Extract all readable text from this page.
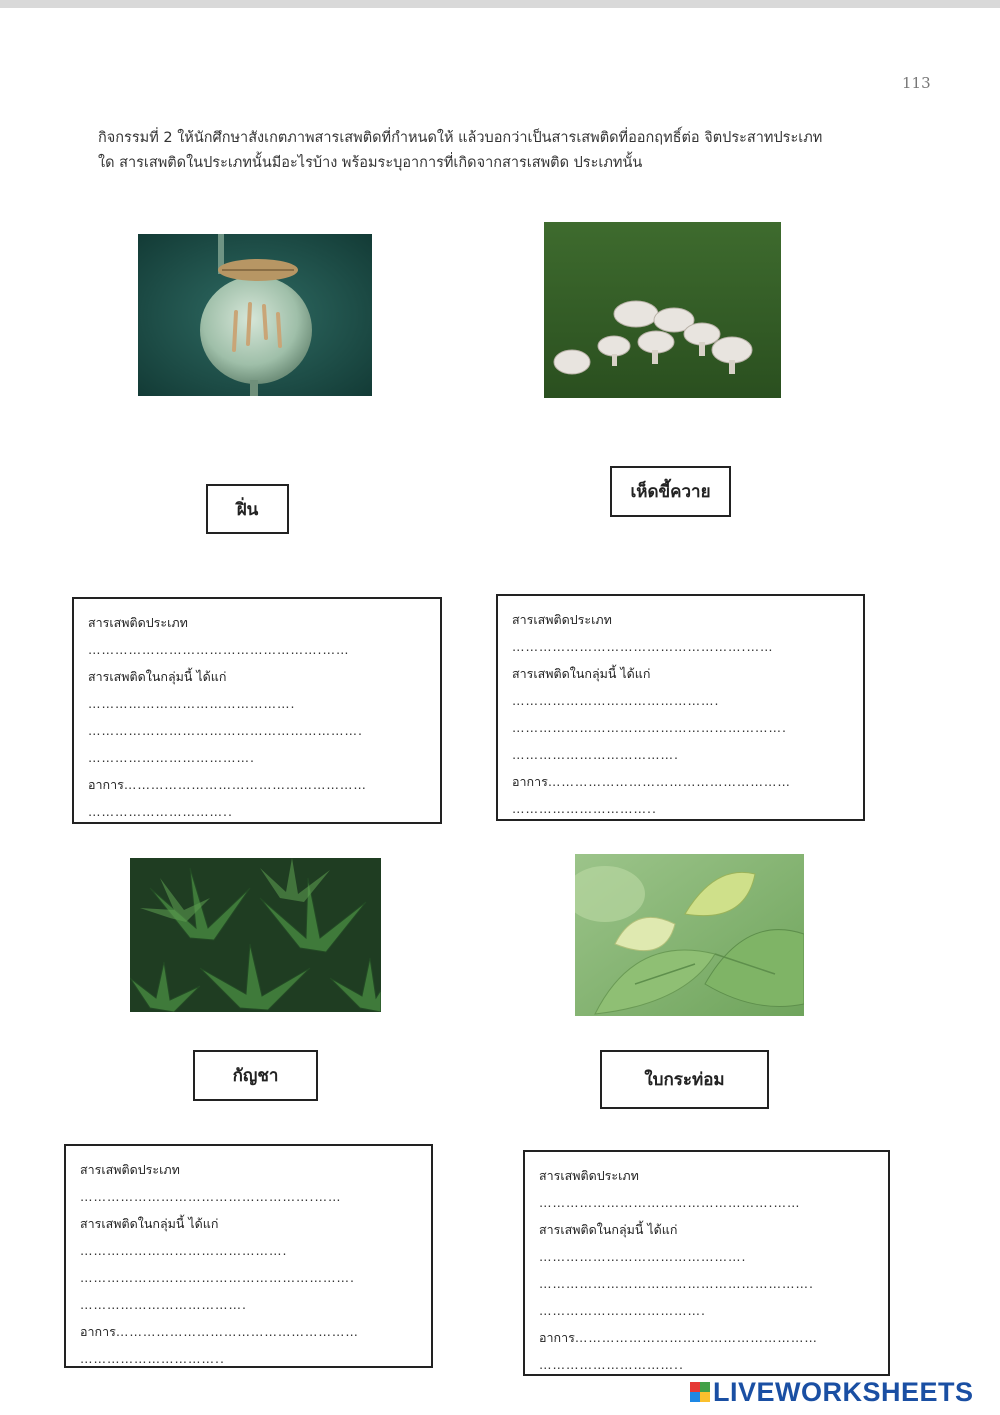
113

กิจกรรมที่ 2 ให้นักศึกษาสังเกตภาพสารเสพติดที่กำหนดให้ แล้วบอกว่าเป็นสารเสพติดที่ออกฤทธิ์ต่อ จิตประสาทประเภท

ใด สารเสพติดในประเภทนั้นมีอะไรบ้าง พร้อมระบุอาการที่เกิดจากสารเสพติด ประเภทนั้น

ฝิ่น
เห็ดขี้ควาย
สารเสพติดประเภท
…………………………………………….……
สารเสพติดในกลุ่มนี้ ได้แก่
……………………………………….
…………………………………………………….
……………………………….
อาการ………………………………………………
…………………………..
สารเสพติดประเภท
…………………………………………….……
สารเสพติดในกลุ่มนี้ ได้แก่
……………………………………….
…………………………………………………….
……………………………….
อาการ………………………………………………
…………………………..
กัญชา	ใบกระท่อม
สารเสพติดประเภท
…………………………………………….……
สารเสพติดในกลุ่มนี้ ได้แก่
……………………………………….
…………………………………………………….
……………………………….
อาการ………………………………………………
…………………………..
สารเสพติดประเภท
…………………………………………….……
สารเสพติดในกลุ่มนี้ ได้แก่
……………………………………….
…………………………………………………….
……………………………….
อาการ………………………………………………
…………………………..
LIVEWORKSHEETS
